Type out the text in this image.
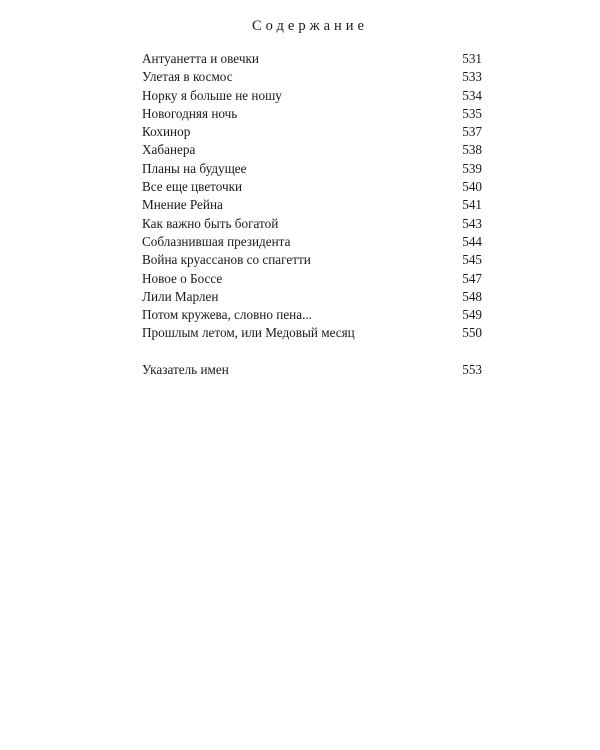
Содержание
Антуанетта и овечки	531
Улетая в космос	533
Норку я больше не ношу	534
Новогодняя ночь	535
Кохинор	537
Хабанера	538
Планы на будущее	539
Все еще цветочки	540
Мнение Рейна	541
Как важно быть богатой	543
Соблазнившая президента	544
Война круассанов со спагетти	545
Новое о Боссе	547
Лили Марлен	548
Потом кружева, словно пена...	549
Прошлым летом, или Медовый месяц	550
Указатель имен	553
